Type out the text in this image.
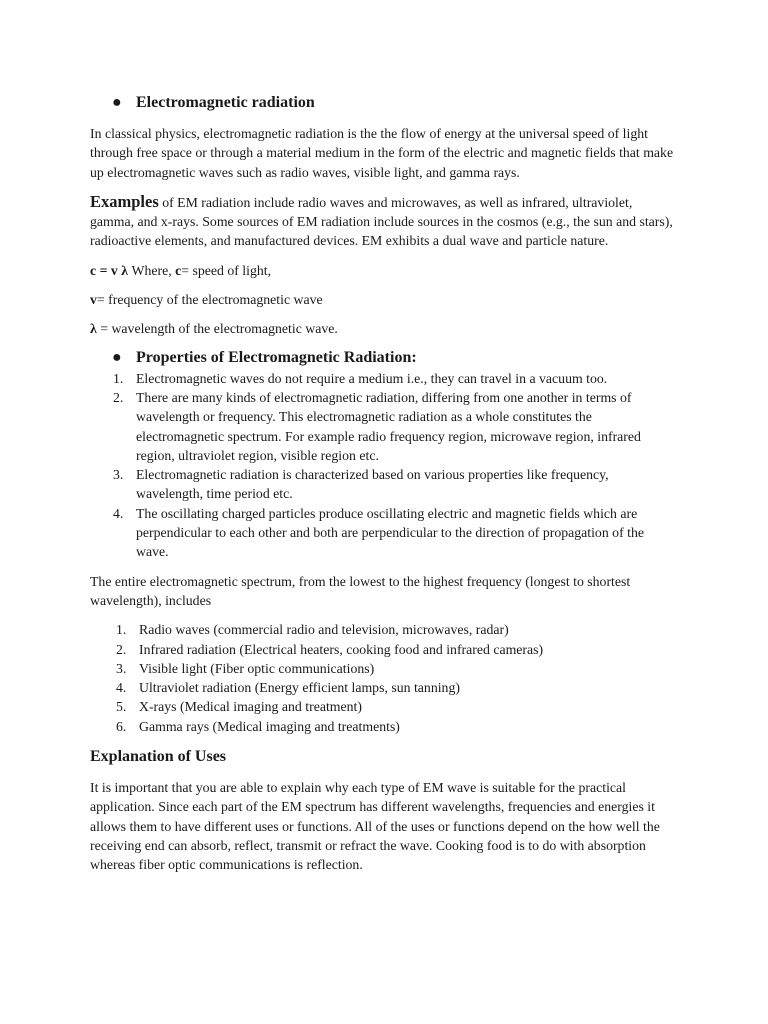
● Electromagnetic radiation

In classical physics, electromagnetic radiation is the the flow of energy at the universal speed of light through free space or through a material medium in the form of the electric and magnetic fields that make up electromagnetic waves such as radio waves, visible light, and gamma rays.

Examples of EM radiation include radio waves and microwaves, as well as infrared, ultraviolet, gamma, and x-rays. Some sources of EM radiation include sources in the cosmos (e.g., the sun and stars), radioactive elements, and manufactured devices. EM exhibits a dual wave and particle nature.

c = v λ Where, c= speed of light,

v= frequency of the electromagnetic wave

λ = wavelength of the electromagnetic wave.

● Properties of Electromagnetic Radiation:
1. Electromagnetic waves do not require a medium i.e., they can travel in a vacuum too.
2. There are many kinds of electromagnetic radiation, differing from one another in terms of wavelength or frequency. This electromagnetic radiation as a whole constitutes the electromagnetic spectrum. For example radio frequency region, microwave region, infrared region, ultraviolet region, visible region etc.
3. Electromagnetic radiation is characterized based on various properties like frequency, wavelength, time period etc.
4. The oscillating charged particles produce oscillating electric and magnetic fields which are perpendicular to each other and both are perpendicular to the direction of propagation of the wave.

The entire electromagnetic spectrum, from the lowest to the highest frequency (longest to shortest wavelength), includes

1. Radio waves (commercial radio and television, microwaves, radar)
2. Infrared radiation (Electrical heaters, cooking food and infrared cameras)
3. Visible light (Fiber optic communications)
4. Ultraviolet radiation (Energy efficient lamps, sun tanning)
5. X-rays (Medical imaging and treatment)
6. Gamma rays (Medical imaging and treatments)
Explanation of Uses

It is important that you are able to explain why each type of EM wave is suitable for the practical application. Since each part of the EM spectrum has different wavelengths, frequencies and energies it allows them to have different uses or functions. All of the uses or functions depend on the how well the receiving end can absorb, reflect, transmit or refract the wave. Cooking food is to do with absorption whereas fiber optic communications is reflection.
